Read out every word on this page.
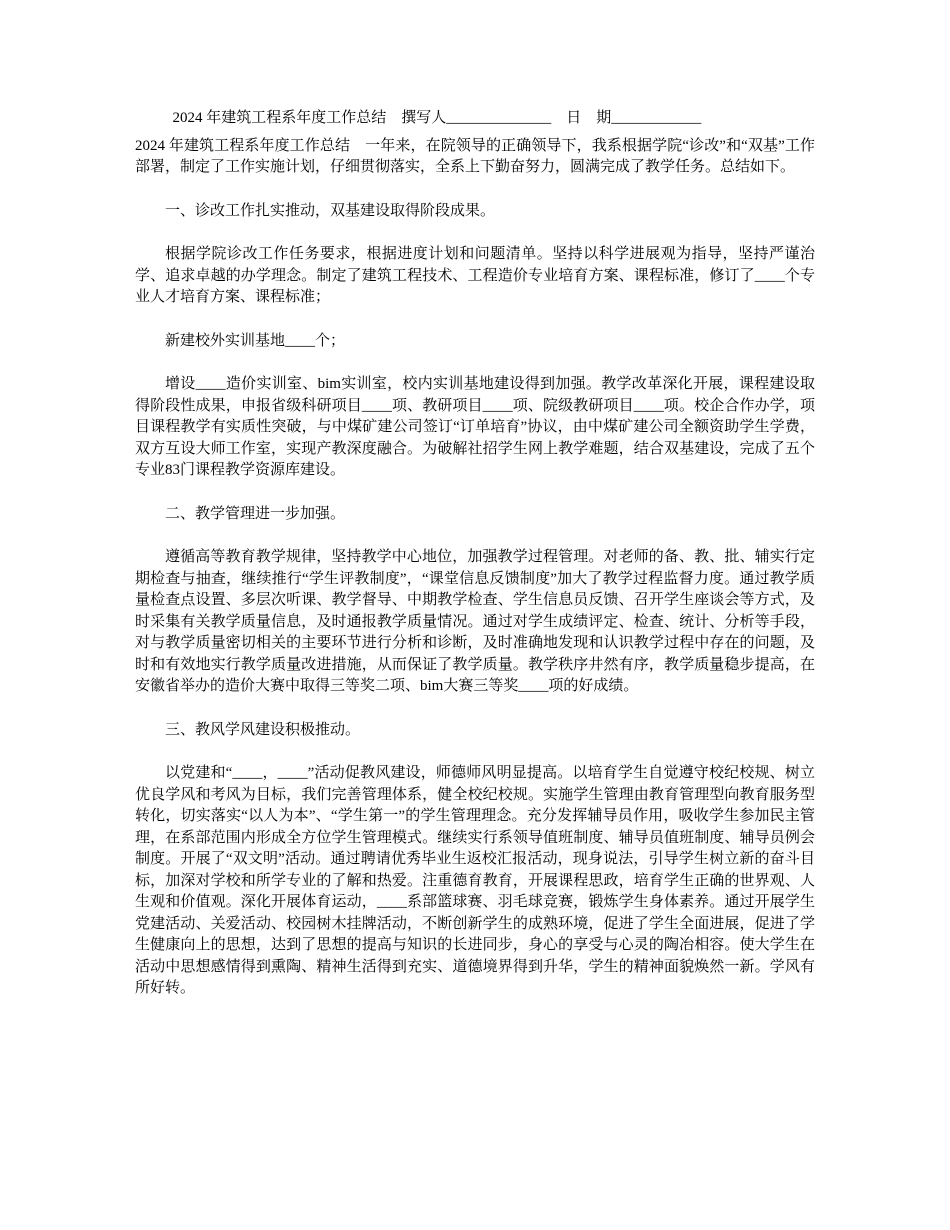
2024 年建筑工程系年度工作总结　撰写人______________　日　期____________

2024 年建筑工程系年度工作总结　一年来，在院领导的正确领导下，我系根据学院“诊改”和“双基”工作部署，制定了工作实施计划，仔细贯彻落实，全系上下勤奋努力，圆满完成了教学任务。总结如下。

一、诊改工作扎实推动，双基建设取得阶段成果。

根据学院诊改工作任务要求，根据进度计划和问题清单。坚持以科学进展观为指导，坚持严谨治学、追求卓越的办学理念。制定了建筑工程技术、工程造价专业培育方案、课程标准，修订了____个专业人才培育方案、课程标准；

新建校外实训基地____个；

增设____造价实训室、bim实训室，校内实训基地建设得到加强。教学改革深化开展，课程建设取得阶段性成果，申报省级科研项目____项、教研项目____项、院级教研项目____项。校企合作办学，项目课程教学有实质性突破，与中煤矿建公司签订“订单培育”协议，由中煤矿建公司全额资助学生学费，双方互设大师工作室，实现产教深度融合。为破解社招学生网上教学难题，结合双基建设，完成了五个专业83门课程教学资源库建设。

二、教学管理进一步加强。

遵循高等教育教学规律，坚持教学中心地位，加强教学过程管理。对老师的备、教、批、辅实行定期检查与抽查，继续推行“学生评教制度”，“课堂信息反馈制度”加大了教学过程监督力度。通过教学质量检查点设置、多层次听课、教学督导、中期教学检查、学生信息员反馈、召开学生座谈会等方式，及时采集有关教学质量信息，及时通报教学质量情况。通过对学生成绩评定、检查、统计、分析等手段，对与教学质量密切相关的主要环节进行分析和诊断，及时准确地发现和认识教学过程中存在的问题，及时和有效地实行教学质量改进措施，从而保证了教学质量。教学秩序井然有序，教学质量稳步提高，在安徽省举办的造价大赛中取得三等奖二项、bim大赛三等奖____项的好成绩。

三、教风学风建设积极推动。

以党建和“____，____”活动促教风建设，师德师风明显提高。以培育学生自觉遵守校纪校规、树立优良学风和考风为目标，我们完善管理体系，健全校纪校规。实施学生管理由教育管理型向教育服务型转化，切实落实“以人为本”、“学生第一”的学生管理理念。充分发挥辅导员作用，吸收学生参加民主管理，在系部范围内形成全方位学生管理模式。继续实行系领导值班制度、辅导员值班制度、辅导员例会制度。开展了“双文明”活动。通过聘请优秀毕业生返校汇报活动，现身说法，引导学生树立新的奋斗目标，加深对学校和所学专业的了解和热爱。注重德育教育，开展课程思政，培育学生正确的世界观、人生观和价值观。深化开展体育运动，____系部篮球赛、羽毛球竞赛，锻炼学生身体素养。通过开展学生党建活动、关爱活动、校园树木挂牌活动，不断创新学生的成熟环境，促进了学生全面进展，促进了学生健康向上的思想，达到了思想的提高与知识的长进同步，身心的享受与心灵的陶冶相容。使大学生在活动中思想感情得到熏陶、精神生活得到充实、道德境界得到升华，学生的精神面貌焕然一新。学风有所好转。
